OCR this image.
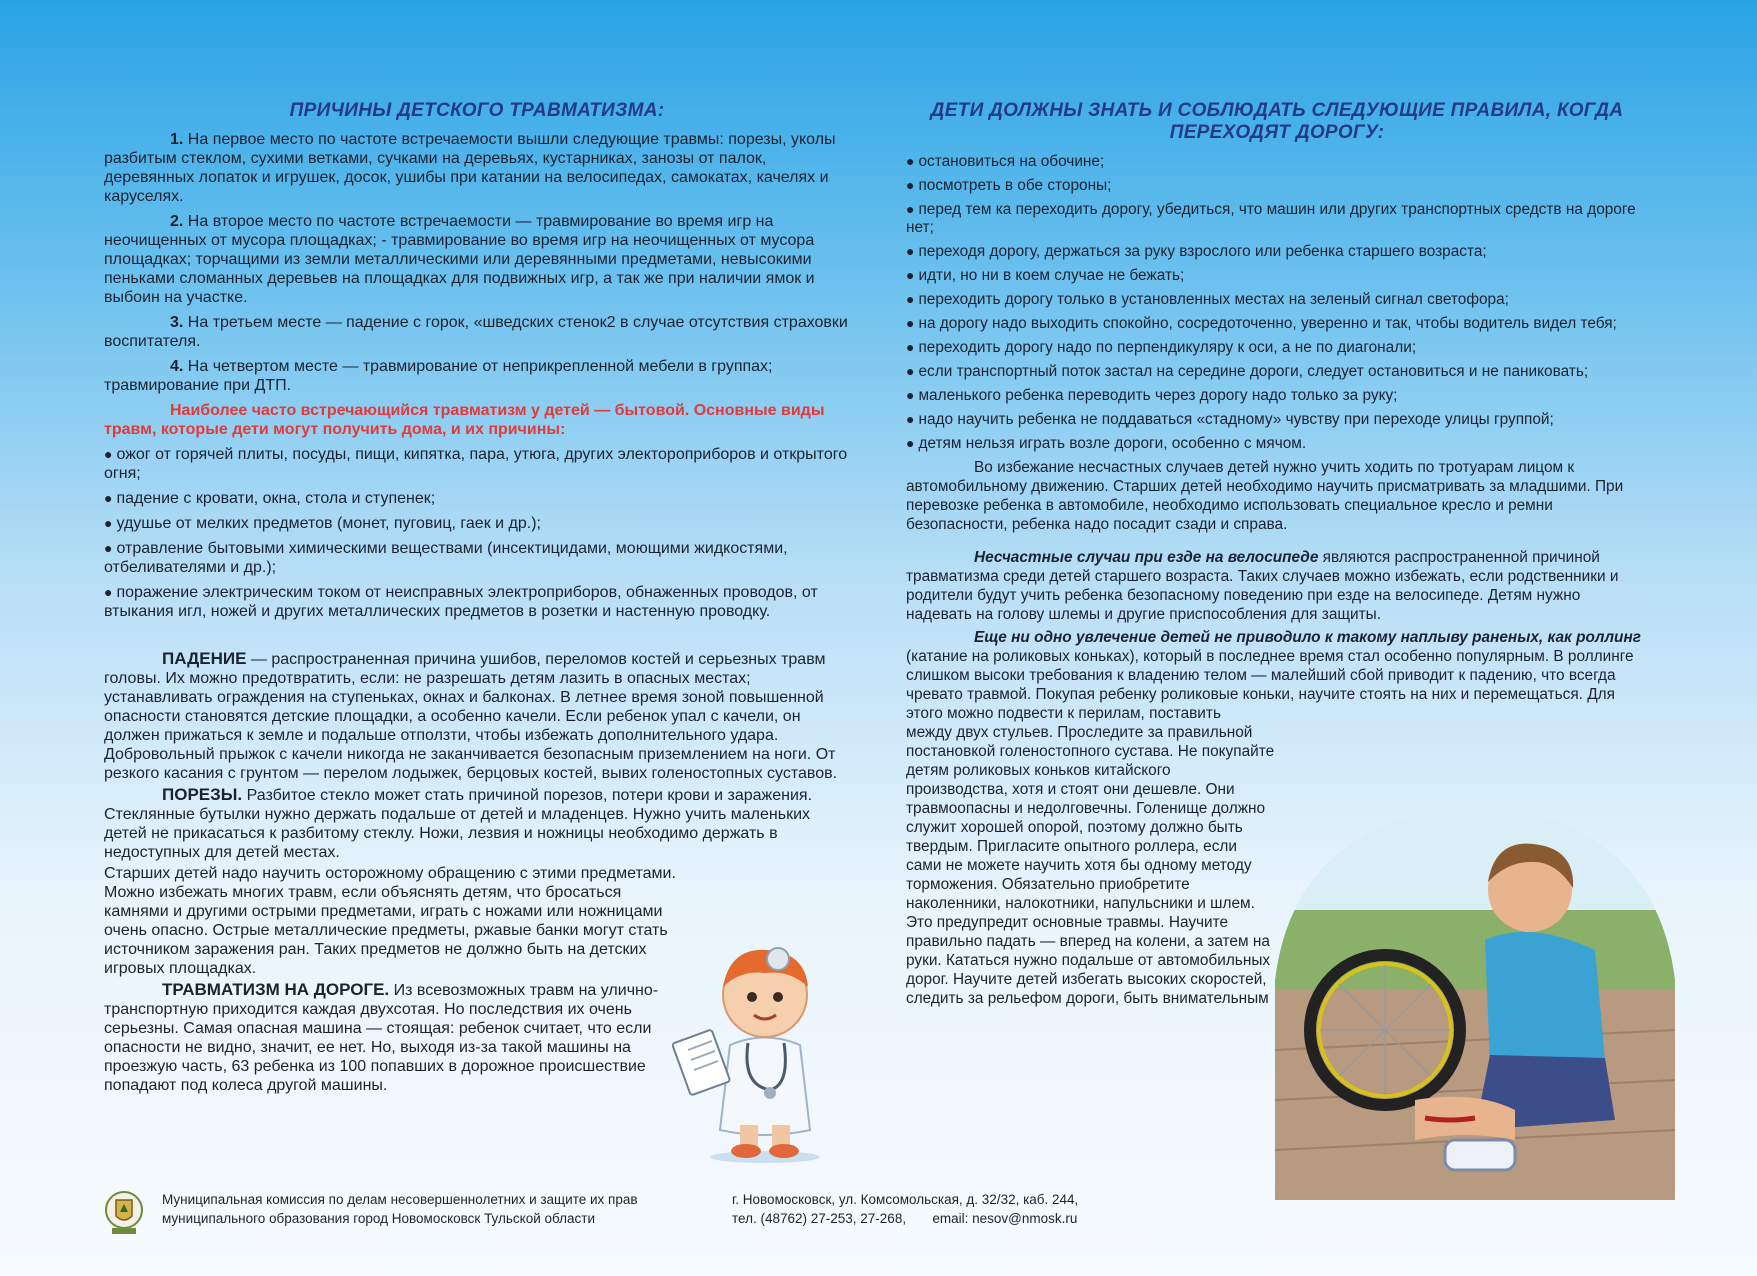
ПРИЧИНЫ ДЕТСКОГО ТРАВМАТИЗМА:

1. На первое место по частоте встречаемости вышли следующие травмы: порезы, уколы разбитым стеклом, сухими ветками, сучками на деревьях, кустарниках, занозы от палок, деревянных лопаток и игрушек, досок, ушибы при катании на велосипедах, самокатах, качелях и каруселях.

2. На второе место по частоте встречаемости — травмирование во время игр на неочищенных от мусора площадках; - травмирование во время игр на неочищенных от мусора площадках; торчащими из земли металлическими или деревянными предметами, невысокими пеньками сломанных деревьев на площадках для подвижных игр, а так же при наличии ямок и выбоин на участке.

3. На третьем месте — падение с горок, «шведских стенок2 в случае отсутствия страховки воспитателя.

4. На четвертом месте — травмирование от неприкрепленной мебели в группах; травмирование при ДТП.

Наиболее часто встречающийся травматизм у детей — бытовой. Основные виды травм, которые дети могут получить дома, и их причины:

● ожог от горячей плиты, посуды, пищи, кипятка, пара, утюга, других электороприборов и открытого огня;

● падение с кровати, окна, стола и ступенек;

● удушье от мелких предметов (монет, пуговиц, гаек и др.);

● отравление бытовыми химическими веществами (инсектицидами, моющими жидкостями, отбеливателями и др.);

● поражение электрическим током от неисправных электроприборов, обнаженных проводов, от втыкания игл, ножей и других металлических предметов в розетки и настенную проводку.

ПАДЕНИЕ — распространенная причина ушибов, переломов костей и серьезных травм головы. Их можно предотвратить, если: не разрешать детям лазить в опасных местах; устанавливать ограждения на ступеньках, окнах и балконах. В летнее время зоной повышенной опасности становятся детские площадки, а особенно качели. Если ребенок упал с качели, он должен прижаться к земле и подальше отползти, чтобы избежать дополнительного удара. Добровольный прыжок с качели никогда не заканчивается безопасным приземлением на ноги. От резкого касания с грунтом — перелом лодыжек, берцовых костей, вывих голеностопных суставов.

ПОРЕЗЫ. Разбитое стекло может стать причиной порезов, потери крови и заражения. Стеклянные бутылки нужно держать подальше от детей и младенцев. Нужно учить маленьких детей не прикасаться к разбитому стеклу. Ножи, лезвия и ножницы необходимо держать в недоступных для детей местах.

Старших детей надо научить осторожному обращению с этими предметами. Можно избежать многих травм, если объяснять детям, что бросаться камнями и другими острыми предметами, играть с ножами или ножницами очень опасно. Острые металлические предметы, ржавые банки могут стать источником заражения ран. Таких предметов не должно быть на детских игровых площадках.

ТРАВМАТИЗМ НА ДОРОГЕ. Из всевозможных травм на улично-транспортную приходится каждая двухсотая. Но последствия их очень серьезны. Самая опасная машина — стоящая: ребенок считает, что если опасности не видно, значит, ее нет. Но, выходя из-за такой машины на проезжую часть, 63 ребенка из 100 попавших в дорожное происшествие попадают под колеса другой машины.

ДЕТИ ДОЛЖНЫ ЗНАТЬ И СОБЛЮДАТЬ СЛЕДУЮЩИЕ ПРАВИЛА, КОГДА ПЕРЕХОДЯТ ДОРОГУ:

● остановиться на обочине;

● посмотреть в обе стороны;

● перед тем ка переходить дорогу, убедиться, что машин или других транспортных средств на дороге нет;

● переходя дорогу, держаться за руку взрослого или ребенка старшего возраста;

● идти, но ни в коем случае не бежать;

● переходить дорогу только в установленных местах на зеленый сигнал светофора;

● на дорогу надо выходить спокойно, сосредоточенно, уверенно и так, чтобы водитель видел тебя;

● переходить дорогу надо по перпендикуляру к оси, а не по диагонали;

● если транспортный поток застал на середине дороги, следует остановиться и не паниковать;

● маленького ребенка переводить через дорогу надо только за руку;

● надо научить ребенка не поддаваться «стадному» чувству при переходе улицы группой;

● детям нельзя играть возле дороги, особенно с мячом.

Во избежание несчастных случаев детей нужно учить ходить по тротуарам лицом к автомобильному движению. Старших детей необходимо научить присматривать за младшими. При перевозке ребенка в автомобиле, необходимо использовать специальное кресло и ремни безопасности, ребенка надо посадит сзади и справа.

Несчастные случаи при езде на велосипеде являются распространенной причиной травматизма среди детей старшего возраста. Таких случаев можно избежать, если родственники и родители будут учить ребенка безопасному поведению при езде на велосипеде. Детям нужно надевать на голову шлемы и другие приспособления для защиты.

Еще ни одно увлечение детей не приводило к такому наплыву раненых, как роллинг (катание на роликовых коньках), который в последнее время стал особенно популярным. В роллинге слишком высоки требования к владению телом — малейший сбой приводит к падению, что всегда чревато травмой. Покупая ребенку роликовые коньки, научите стоять на них и перемещаться. Для этого можно подвести к перилам, поставить

между двух стульев. Проследите за правильной постановкой голеностопного сустава. Не покупайте детям роликовых коньков китайского производства, хотя и стоят они дешевле. Они травмоопасны и недолговечны. Голенище должно служит хорошей опорой, поэтому должно быть твердым. Пригласите опытного роллера, если сами не можете научить хотя бы одному методу торможения. Обязательно приобретите наколенники, налокотники, напульсники и шлем. Это предупредит основные травмы. Научите правильно падать — вперед на колени, а затем на руки. Кататься нужно подальше от автомобильных дорог. Научите детей избегать высоких скоростей, следить за рельефом дороги, быть внимательным

Муниципальная комиссия по делам несовершеннолетних и защите их прав
муниципального образования город Новомосковск Тульской области
г. Новомосковск, ул. Комсомольская, д. 32/32, каб. 244,
тел. (48762) 27-253, 27-268, email: nesov@nmosk.ru
